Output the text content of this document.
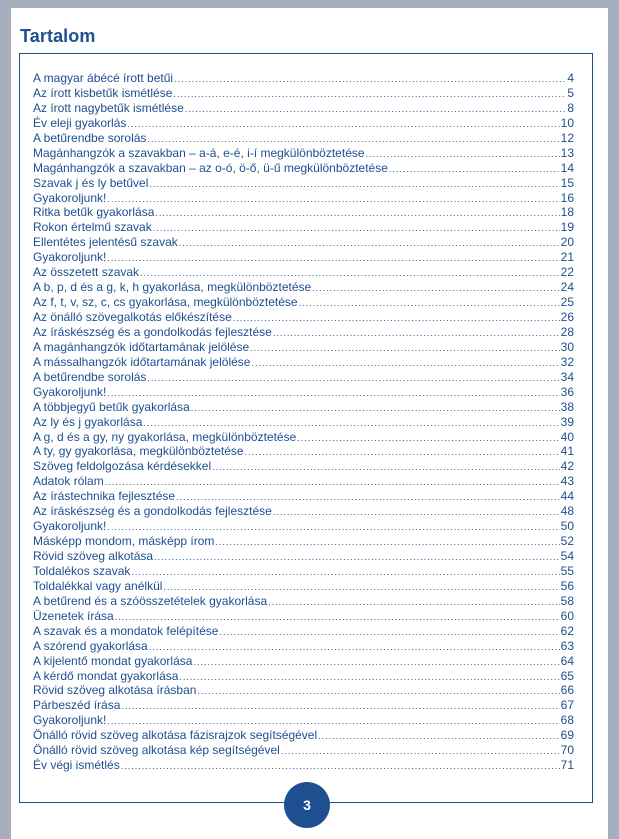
Tartalom
A magyar ábécé írott betűi .....	4
Az írott kisbetűk ismétlése .....	5
Az írott nagybetűk ismétlése .....	8
Év eleji gyakorlás .....	10
A betűrendbe sorolás .....	12
Magánhangzók a szavakban – a-á, e-é, i-í megkülönböztetése .....	13
Magánhangzók a szavakban – az o-ó, ö-ő, ü-ű megkülönböztetése .....	14
Szavak j és ly betűvel .....	15
Gyakoroljunk! .....	16
Ritka betűk gyakorlása .....	18
Rokon értelmű szavak .....	19
Ellentétes jelentésű szavak .....	20
Gyakoroljunk! .....	21
Az összetett szavak .....	22
A b, p, d és a g, k, h gyakorlása, megkülönböztetése .....	24
Az f, t, v, sz, c, cs gyakorlása, megkülönböztetése .....	25
Az önálló szövegalkotás előkészítése .....	26
Az íráskészség és a gondolkodás fejlesztése .....	28
A magánhangzók időtartamának jelölése .....	30
A mássalhangzók időtartamának jelölése .....	32
A betűrendbe sorolás .....	34
Gyakoroljunk! .....	36
A többjegyű betűk gyakorlása .....	38
Az ly és j gyakorlása .....	39
A g, d és a gy, ny gyakorlása, megkülönböztetése .....	40
A ty, gy gyakorlása, megkülönböztetése .....	41
Szöveg feldolgozása kérdésekkel .....	42
Adatok rólam .....	43
Az írástechnika fejlesztése .....	44
Az íráskészség és a gondolkodás fejlesztése .....	48
Gyakoroljunk! .....	50
Másképp mondom, másképp írom .....	52
Rövid szöveg alkotása .....	54
Toldalékos szavak .....	55
Toldalékkal vagy anélkül .....	56
A betűrend és a szóösszetételek gyakorlása .....	58
Üzenetek írása .....	60
A szavak és a mondatok felépítése .....	62
A szórend gyakorlása .....	63
A kijelentő mondat gyakorlása .....	64
A kérdő mondat gyakorlása .....	65
Rövid szöveg alkotása írásban .....	66
Párbeszéd írása .....	67
Gyakoroljunk! .....	68
Önálló rövid szöveg alkotása fázisrajzok segítségével .....	69
Önálló rövid szöveg alkotása kép segítségével .....	70
Év végi ismétlés .....	71
3
